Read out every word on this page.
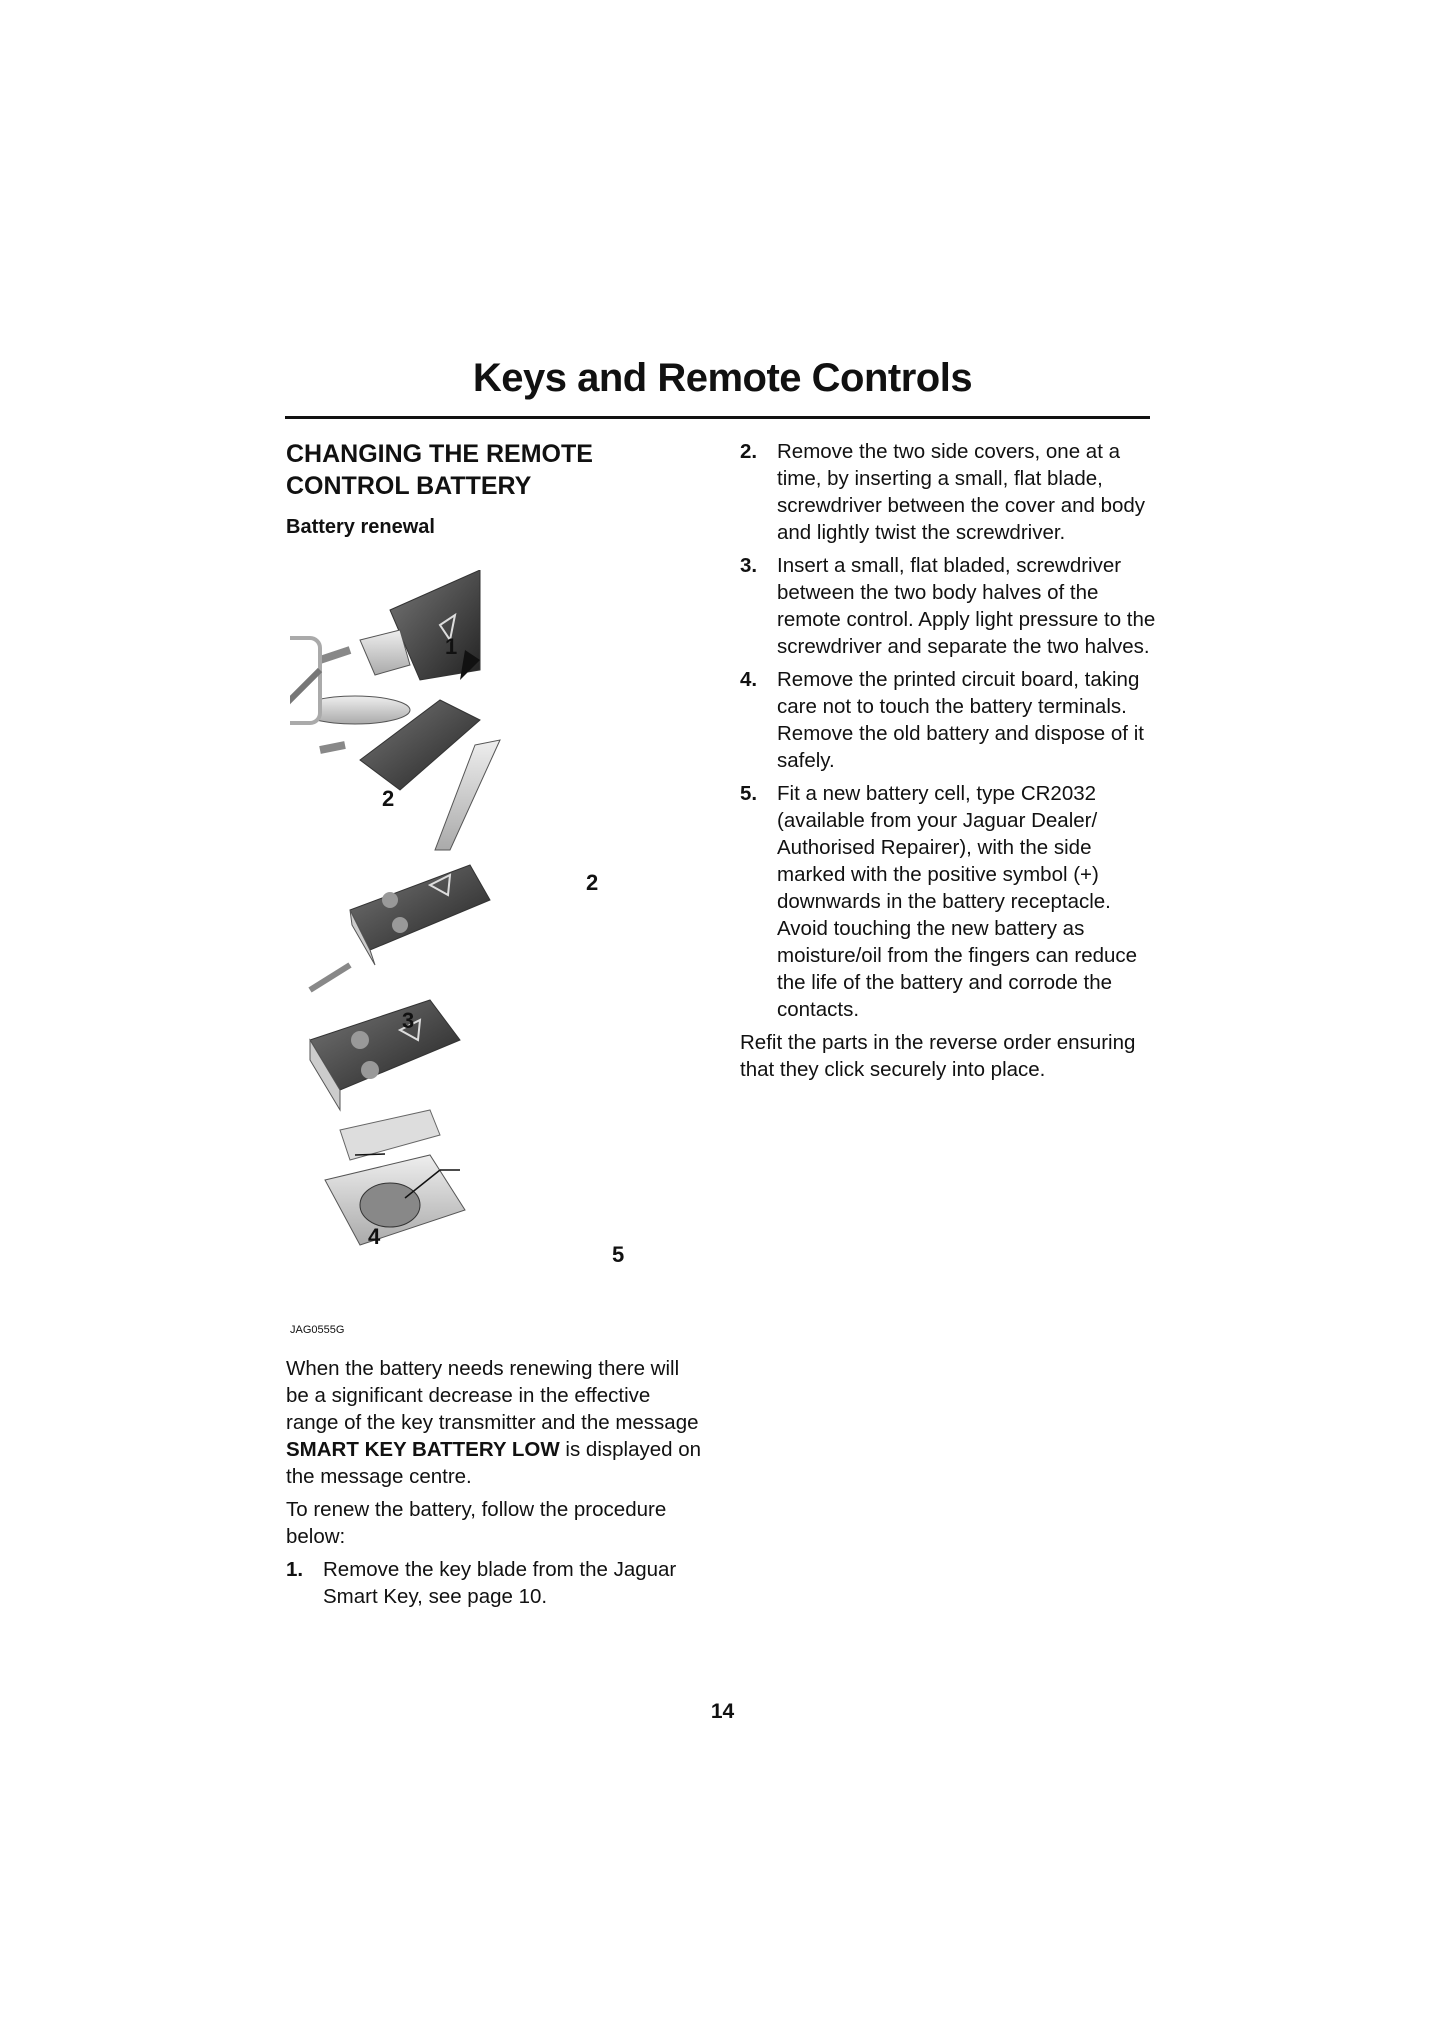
Keys and Remote Controls
CHANGING THE REMOTE CONTROL BATTERY
Battery renewal
1
2
2
3
4
5
JAG0555G

When the battery needs renewing there will be a significant decrease in the effective range of the key transmitter and the message SMART KEY BATTERY LOW is displayed on the message centre.

To renew the battery, follow the procedure below:

1. Remove the key blade from the Jaguar Smart Key, see page 10.
2. Remove the two side covers, one at a time, by inserting a small, flat blade, screwdriver between the cover and body and lightly twist the screwdriver.
3. Insert a small, flat bladed, screwdriver between the two body halves of the remote control. Apply light pressure to the screwdriver and separate the two halves.
4. Remove the printed circuit board, taking care not to touch the battery terminals. Remove the old battery and dispose of it safely.
5. Fit a new battery cell, type CR2032 (available from your Jaguar Dealer/ Authorised Repairer), with the side marked with the positive symbol (+) downwards in the battery receptacle. Avoid touching the new battery as moisture/oil from the fingers can reduce the life of the battery and corrode the contacts.

Refit the parts in the reverse order ensuring that they click securely into place.

14
